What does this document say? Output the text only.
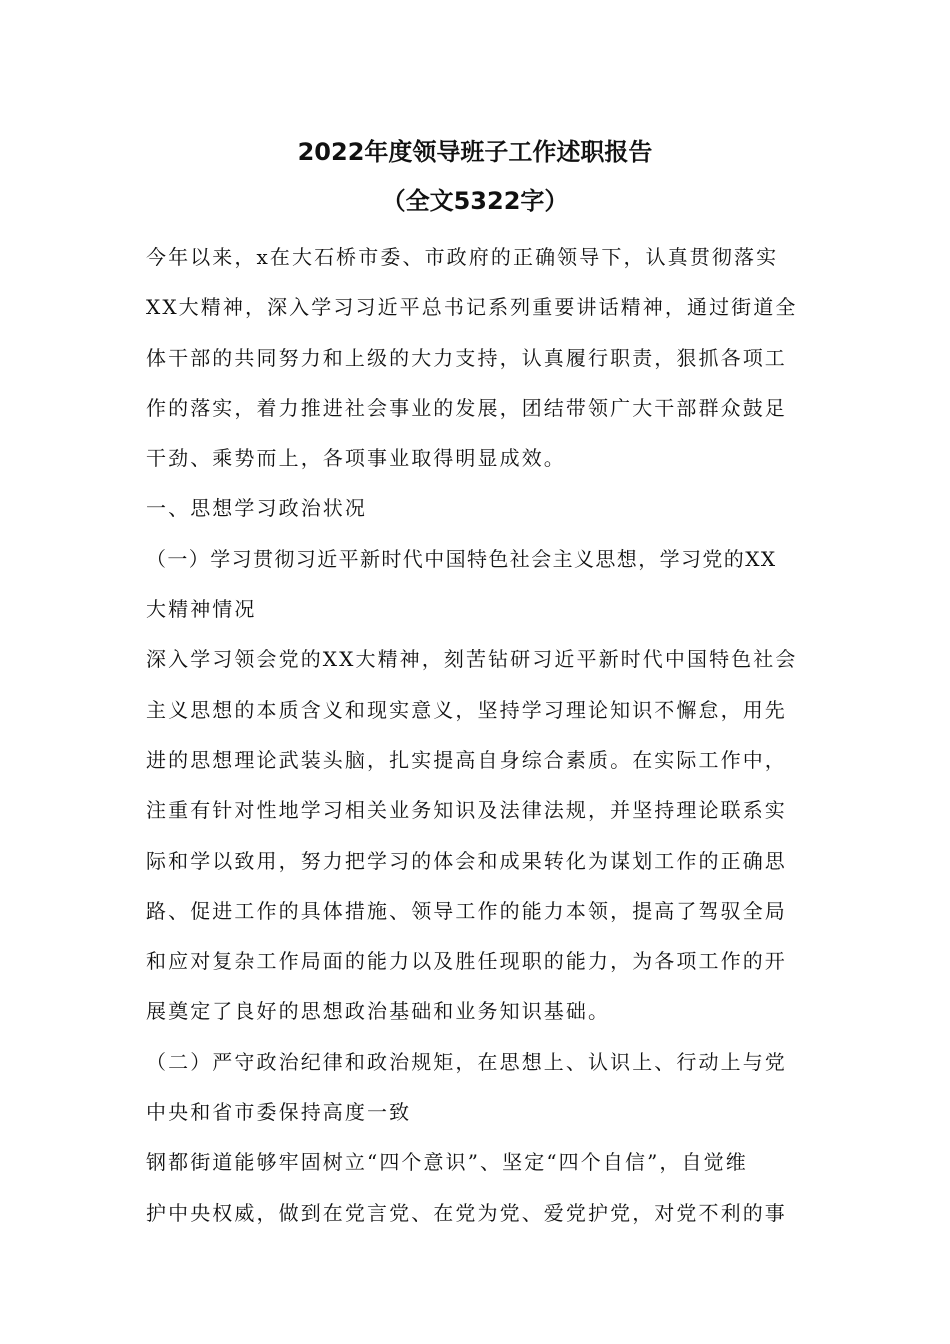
2022年度领导班子工作述职报告
（全文5322字）
今年以来，x在大石桥市委、市政府的正确领导下，认真贯彻落实
XX大精神，深入学习习近平总书记系列重要讲话精神，通过街道全
体干部的共同努力和上级的大力支持，认真履行职责，狠抓各项工
作的落实，着力推进社会事业的发展，团结带领广大干部群众鼓足
干劲、乘势而上，各项事业取得明显成效。
一、思想学习政治状况
（一）学习贯彻习近平新时代中国特色社会主义思想，学习党的XX
大精神情况
深入学习领会党的XX大精神，刻苦钻研习近平新时代中国特色社会
主义思想的本质含义和现实意义，坚持学习理论知识不懈怠，用先
进的思想理论武装头脑，扎实提高自身综合素质。在实际工作中，
注重有针对性地学习相关业务知识及法律法规，并坚持理论联系实
际和学以致用，努力把学习的体会和成果转化为谋划工作的正确思
路、促进工作的具体措施、领导工作的能力本领，提高了驾驭全局
和应对复杂工作局面的能力以及胜任现职的能力，为各项工作的开
展奠定了良好的思想政治基础和业务知识基础。
（二）严守政治纪律和政治规矩，在思想上、认识上、行动上与党
中央和省市委保持高度一致
钢都街道能够牢固树立“四个意识”、坚定“四个自信”，自觉维
护中央权威，做到在党言党、在党为党、爱党护党，对党不利的事
